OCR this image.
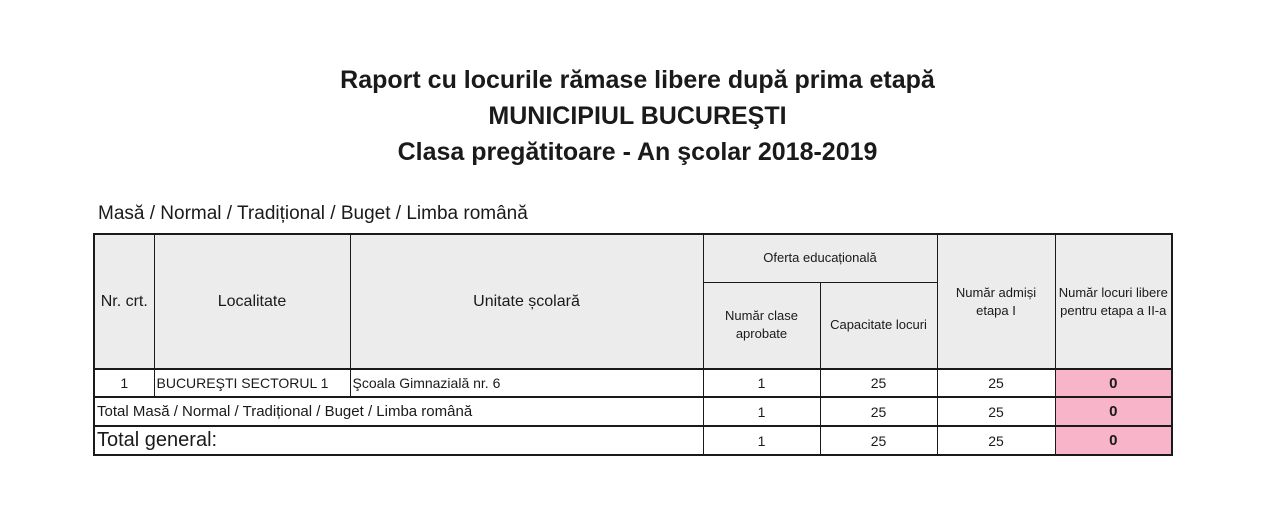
Raport cu locurile rămase libere după prima etapă
MUNICIPIUL BUCUREŞTI
Clasa pregătitoare - An şcolar 2018-2019
Masă / Normal / Tradițional / Buget / Limba română
Nr. crt.	Localitate	Unitate școlară	Oferta educațională		Număr admiși etapa I	Număr locuri libere pentru etapa a II-a
			Număr clase aprobate	Capacitate locuri		
1	BUCUREŞTI SECTORUL 1	Şcoala Gimnazială nr. 6	1	25	25	0
Total Masă / Normal / Tradițional / Buget / Limba română			1	25	25	0
Total general:			1	25	25	0
